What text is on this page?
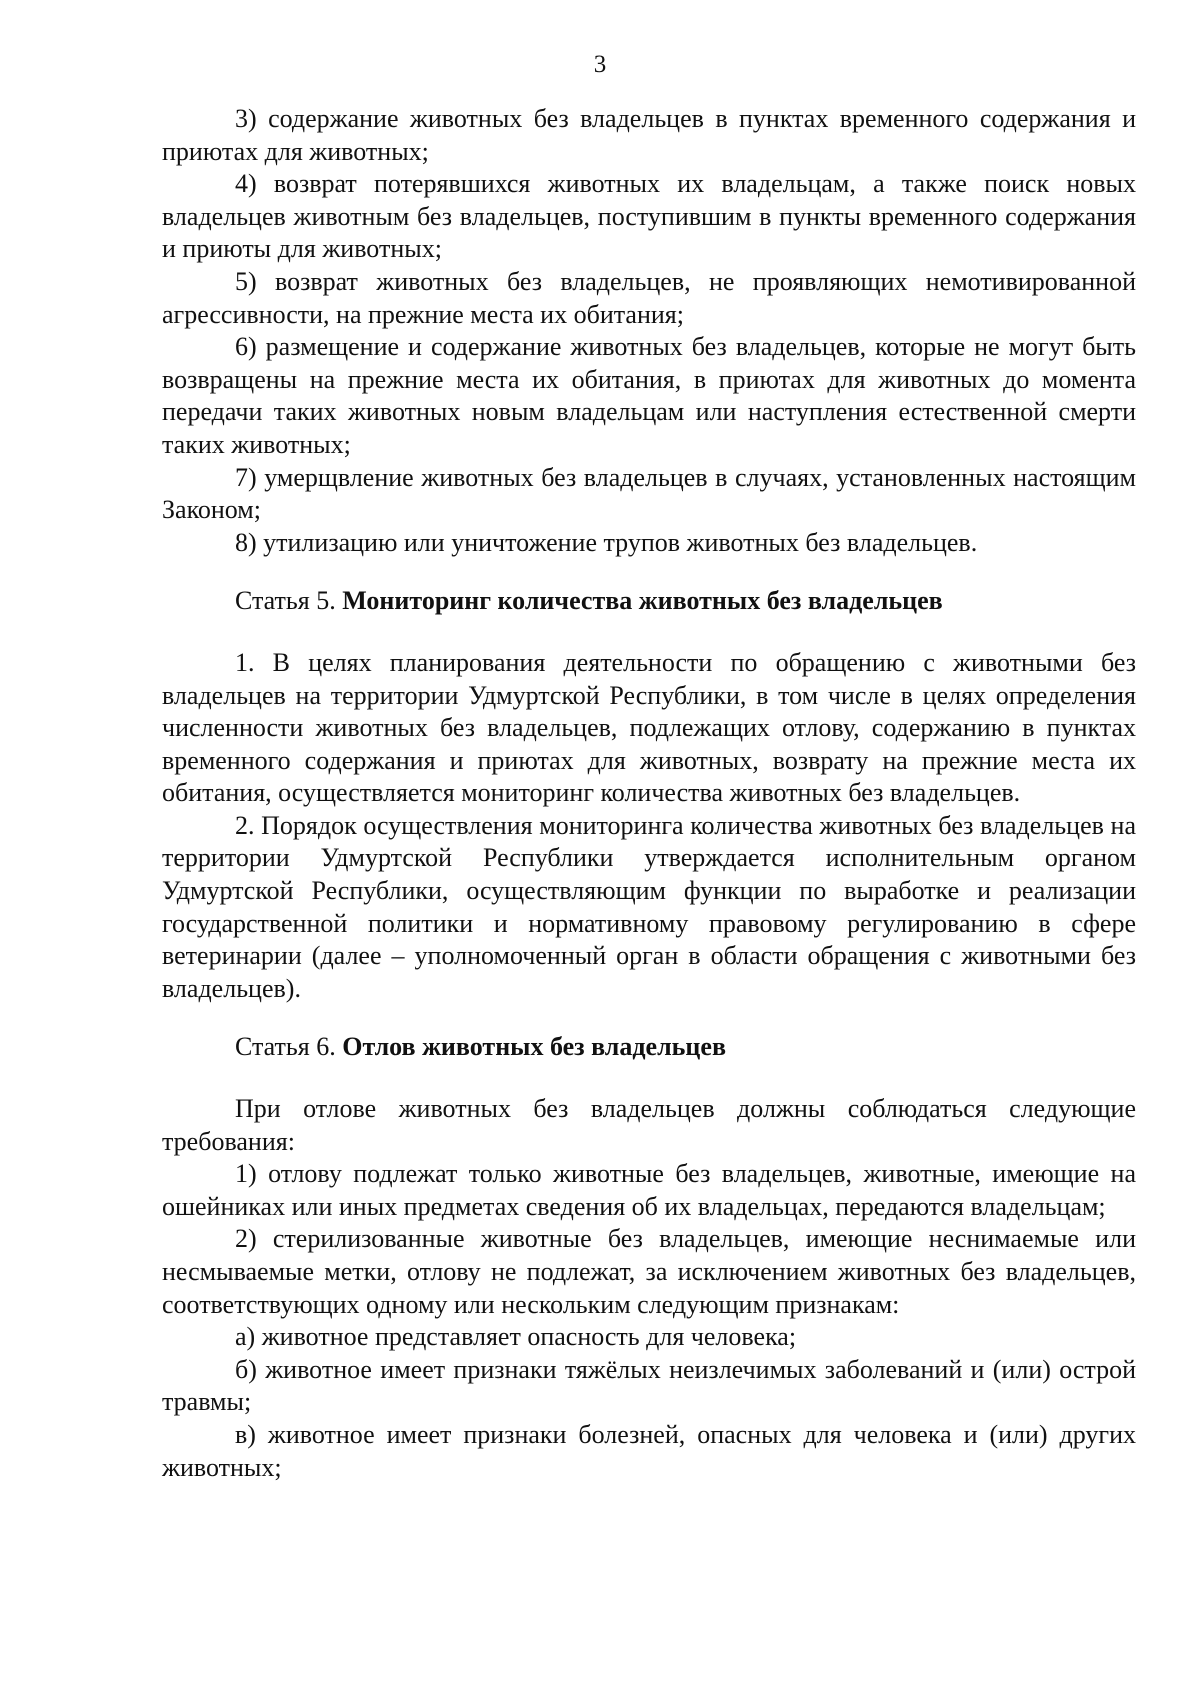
3

3) содержание животных без владельцев в пунктах временного содержания и приютах для животных;

4) возврат потерявшихся животных их владельцам, а также поиск новых владельцев животным без владельцев, поступившим в пункты временного содержания и приюты для животных;

5) возврат животных без владельцев, не проявляющих немотивированной агрессивности, на прежние места их обитания;

6) размещение и содержание животных без владельцев, которые не могут быть возвращены на прежние места их обитания, в приютах для животных до момента передачи таких животных новым владельцам или наступления естественной смерти таких животных;

7) умерщвление животных без владельцев в случаях, установленных настоящим Законом;

8) утилизацию или уничтожение трупов животных без владельцев.

Статья 5. Мониторинг количества животных без владельцев

1. В целях планирования деятельности по обращению с животными без владельцев на территории Удмуртской Республики, в том числе в целях определения численности животных без владельцев, подлежащих отлову, содержанию в пунктах временного содержания и приютах для животных, возврату на прежние места их обитания, осуществляется мониторинг количества животных без владельцев.

2. Порядок осуществления мониторинга количества животных без владельцев на территории Удмуртской Республики утверждается исполнительным органом Удмуртской Республики, осуществляющим функции по выработке и реализации государственной политики и нормативному правовому регулированию в сфере ветеринарии (далее – уполномоченный орган в области обращения с животными без владельцев).

Статья 6. Отлов животных без владельцев

При отлове животных без владельцев должны соблюдаться следующие требования:

1) отлову подлежат только животные без владельцев, животные, имеющие на ошейниках или иных предметах сведения об их владельцах, передаются владельцам;

2) стерилизованные животные без владельцев, имеющие неснимаемые или несмываемые метки, отлову не подлежат, за исключением животных без владельцев, соответствующих одному или нескольким следующим признакам:

а) животное представляет опасность для человека;

б) животное имеет признаки тяжёлых неизлечимых заболеваний и (или) острой травмы;

в) животное имеет признаки болезней, опасных для человека и (или) других животных;
